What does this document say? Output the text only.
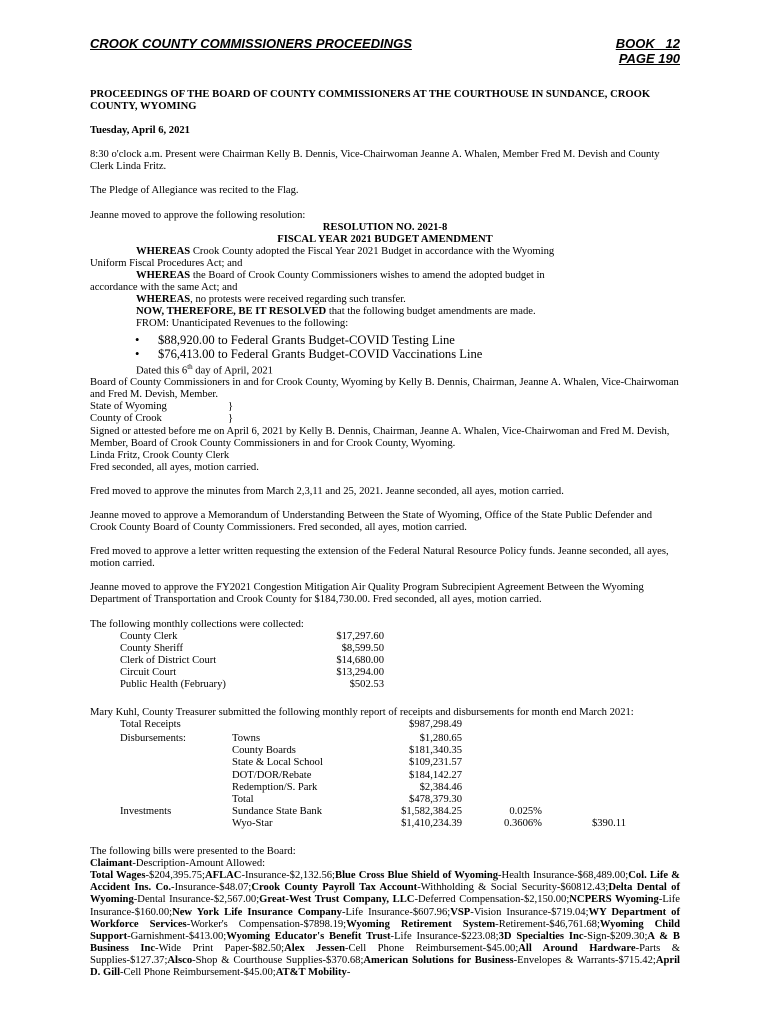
CROOK COUNTY COMMISSIONERS PROCEEDINGS	BOOK   12
PAGE 190

PROCEEDINGS OF THE BOARD OF COUNTY COMMISSIONERS AT THE COURTHOUSE IN SUNDANCE, CROOK COUNTY, WYOMING

Tuesday, April 6, 2021

8:30 o'clock a.m. Present were Chairman Kelly B. Dennis, Vice-Chairwoman Jeanne A. Whalen, Member Fred M. Devish and County Clerk Linda Fritz.

The Pledge of Allegiance was recited to the Flag.

Jeanne moved to approve the following resolution:

RESOLUTION NO. 2021-8

FISCAL YEAR 2021 BUDGET AMENDMENT

WHEREAS Crook County adopted the Fiscal Year 2021 Budget in accordance with the Wyoming

Uniform Fiscal Procedures Act; and

WHEREAS the Board of Crook County Commissioners wishes to amend the adopted budget in

accordance with the same Act; and

WHEREAS, no protests were received regarding such transfer.

NOW, THEREFORE, BE IT RESOLVED that the following budget amendments are made.

FROM: Unanticipated Revenues to the following:

• $88,920.00 to Federal Grants Budget-COVID Testing Line
• $76,413.00 to Federal Grants Budget-COVID Vaccinations Line

Dated this 6th day of April, 2021

Board of County Commissioners in and for Crook County, Wyoming by Kelly B. Dennis, Chairman, Jeanne A. Whalen, Vice-Chairwoman and Fred M. Devish, Member.

State of Wyoming	}
County of Crook	}

Signed or attested before me on April 6, 2021 by Kelly B. Dennis, Chairman, Jeanne A. Whalen, Vice-Chairwoman and Fred M. Devish, Member, Board of Crook County Commissioners in and for Crook County, Wyoming.

Linda Fritz, Crook County Clerk

Fred seconded, all ayes, motion carried.

Fred moved to approve the minutes from March 2,3,11 and 25, 2021. Jeanne seconded, all ayes, motion carried.

Jeanne moved to approve a Memorandum of Understanding Between the State of Wyoming, Office of the State Public Defender and Crook County Board of County Commissioners. Fred seconded, all ayes, motion carried.

Fred moved to approve a letter written requesting the extension of the Federal Natural Resource Policy funds. Jeanne seconded, all ayes, motion carried.

Jeanne moved to approve the FY2021 Congestion Mitigation Air Quality Program Subrecipient Agreement Between the Wyoming Department of Transportation and Crook County for $184,730.00. Fred seconded, all ayes, motion carried.

The following monthly collections were collected:

County Clerk	$17,297.60
County Sheriff	$8,599.50
Clerk of District Court	$14,680.00
Circuit Court	$13,294.00
Public Health (February)	$502.53

Mary Kuhl, County Treasurer submitted the following monthly report of receipts and disbursements for month end March 2021:

Total Receipts	$987,298.49
Disbursements:	Towns	$1,280.65
County Boards	$181,340.35
State & Local School	$109,231.57
DOT/DOR/Rebate	$184,142.27
Redemption/S. Park	$2,384.46
Total	$478,379.30
Investments	Sundance State Bank	$1,582,384.25	0.025%
Wyo-Star	$1,410,234.39	0.3606%	$390.11

The following bills were presented to the Board:

Claimant-Description-Amount Allowed:

Total Wages-$204,395.75;AFLAC-Insurance-$2,132.56;Blue Cross Blue Shield of Wyoming-Health Insurance-$68,489.00;Col. Life & Accident Ins. Co.-Insurance-$48.07;Crook County Payroll Tax Account-Withholding & Social Security-$60812.43;Delta Dental of Wyoming-Dental Insurance-$2,567.00;Great-West Trust Company, LLC-Deferred Compensation-$2,150.00;NCPERS Wyoming-Life Insurance-$160.00;New York Life Insurance Company-Life Insurance-$607.96;VSP-Vision Insurance-$719.04;WY Department of Workforce Services-Worker's Compensation-$7898.19;Wyoming Retirement System-Retirement-$46,761.68;Wyoming Child Support-Garnishment-$413.00;Wyoming Educator's Benefit Trust-Life Insurance-$223.08;3D Specialties Inc-Sign-$209.30;A & B Business Inc-Wide Print Paper-$82.50;Alex Jessen-Cell Phone Reimbursement-$45.00;All Around Hardware-Parts & Supplies-$127.37;Alsco-Shop & Courthouse Supplies-$370.68;American Solutions for Business-Envelopes & Warrants-$715.42;April D. Gill-Cell Phone Reimbursement-$45.00;AT&T Mobility-
